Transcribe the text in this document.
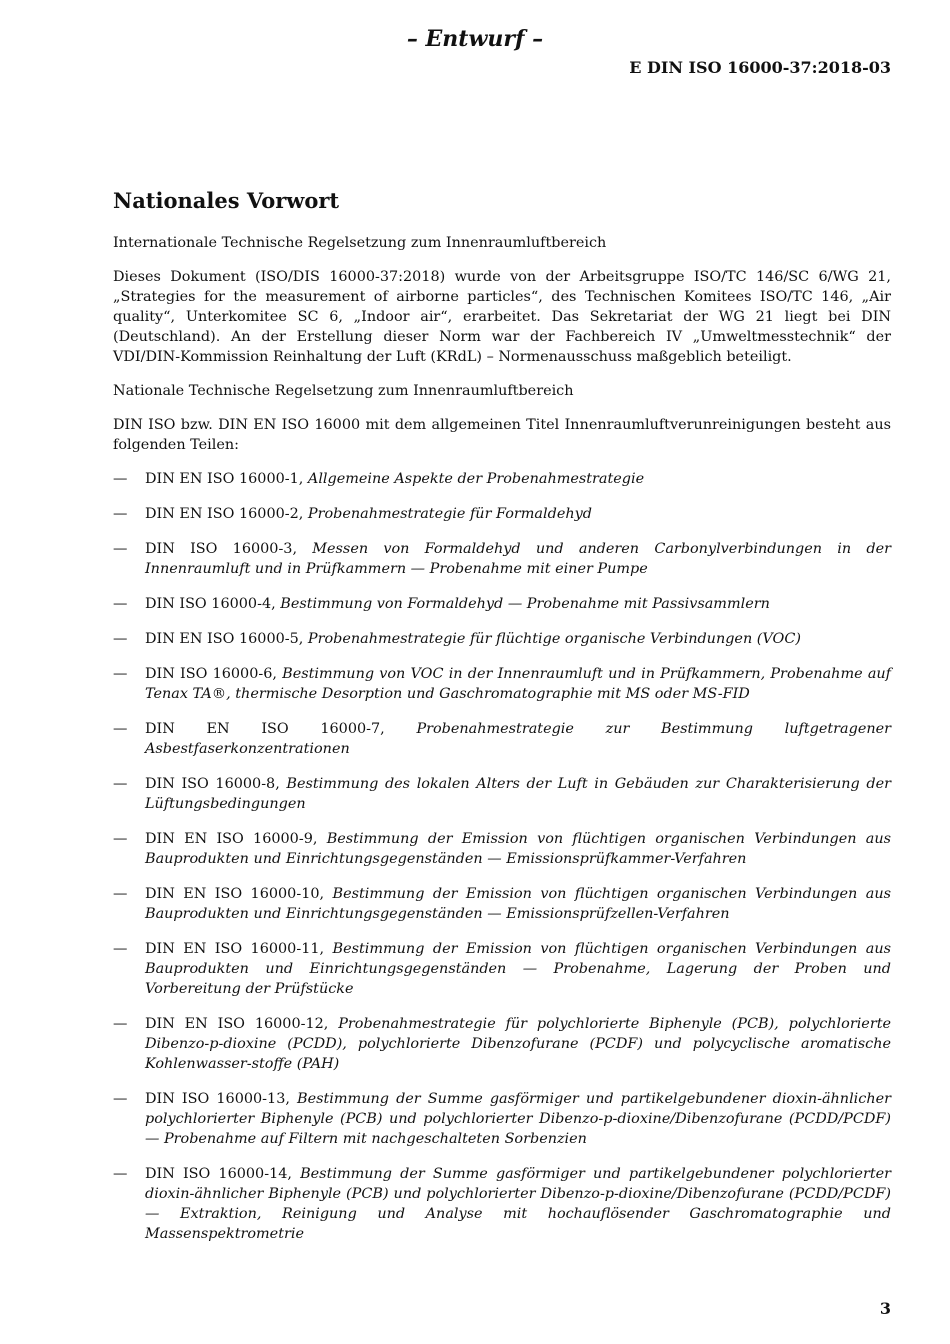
– Entwurf –
E DIN ISO 16000-37:2018-03
Nationales Vorwort

Internationale Technische Regelsetzung zum Innenraumluftbereich

Dieses Dokument (ISO/DIS 16000-37:2018) wurde von der Arbeitsgruppe ISO/TC 146/SC 6/WG 21, „Strategies for the measurement of airborne particles“, des Technischen Komitees ISO/TC 146, „Air quality“, Unterkomitee SC 6, „Indoor air“, erarbeitet. Das Sekretariat der WG 21 liegt bei DIN (Deutschland). An der Erstellung dieser Norm war der Fachbereich IV „Umweltmesstechnik“ der VDI/DIN-Kommission Reinhaltung der Luft (KRdL) – Normenausschuss maßgeblich beteiligt.

Nationale Technische Regelsetzung zum Innenraumluftbereich

DIN ISO bzw. DIN EN ISO 16000 mit dem allgemeinen Titel Innenraumluftverunreinigungen besteht aus folgenden Teilen:

— DIN EN ISO 16000-1, Allgemeine Aspekte der Probenahmestrategie
— DIN EN ISO 16000-2, Probenahmestrategie für Formaldehyd
— DIN ISO 16000-3, Messen von Formaldehyd und anderen Carbonylverbindungen in der Innenraumluft und in Prüfkammern — Probenahme mit einer Pumpe
— DIN ISO 16000-4, Bestimmung von Formaldehyd — Probenahme mit Passivsammlern
— DIN EN ISO 16000-5, Probenahmestrategie für flüchtige organische Verbindungen (VOC)
— DIN ISO 16000-6, Bestimmung von VOC in der Innenraumluft und in Prüfkammern, Probenahme auf Tenax TA®, thermische Desorption und Gaschromatographie mit MS oder MS-FID
— DIN EN ISO 16000-7, Probenahmestrategie zur Bestimmung luftgetragener Asbestfaserkonzentrationen
— DIN ISO 16000-8, Bestimmung des lokalen Alters der Luft in Gebäuden zur Charakterisierung der Lüftungsbedingungen
— DIN EN ISO 16000-9, Bestimmung der Emission von flüchtigen organischen Verbindungen aus Bauprodukten und Einrichtungsgegenständen — Emissionsprüfkammer-Verfahren
— DIN EN ISO 16000-10, Bestimmung der Emission von flüchtigen organischen Verbindungen aus Bauprodukten und Einrichtungsgegenständen — Emissionsprüfzellen-Verfahren
— DIN EN ISO 16000-11, Bestimmung der Emission von flüchtigen organischen Verbindungen aus Bauprodukten und Einrichtungsgegenständen — Probenahme, Lagerung der Proben und Vorbereitung der Prüfstücke
— DIN EN ISO 16000-12, Probenahmestrategie für polychlorierte Biphenyle (PCB), polychlorierte Dibenzo-p-dioxine (PCDD), polychlorierte Dibenzofurane (PCDF) und polycyclische aromatische Kohlenwasser-stoffe (PAH)
— DIN ISO 16000-13, Bestimmung der Summe gasförmiger und partikelgebundener dioxin-ähnlicher polychlorierter Biphenyle (PCB) und polychlorierter Dibenzo-p-dioxine/Dibenzofurane (PCDD/PCDF) — Probenahme auf Filtern mit nachgeschalteten Sorbenzien
— DIN ISO 16000-14, Bestimmung der Summe gasförmiger und partikelgebundener polychlorierter dioxin-ähnlicher Biphenyle (PCB) und polychlorierter Dibenzo-p-dioxine/Dibenzofurane (PCDD/PCDF) — Extraktion, Reinigung und Analyse mit hochauflösender Gaschromatographie und Massenspektrometrie
3
